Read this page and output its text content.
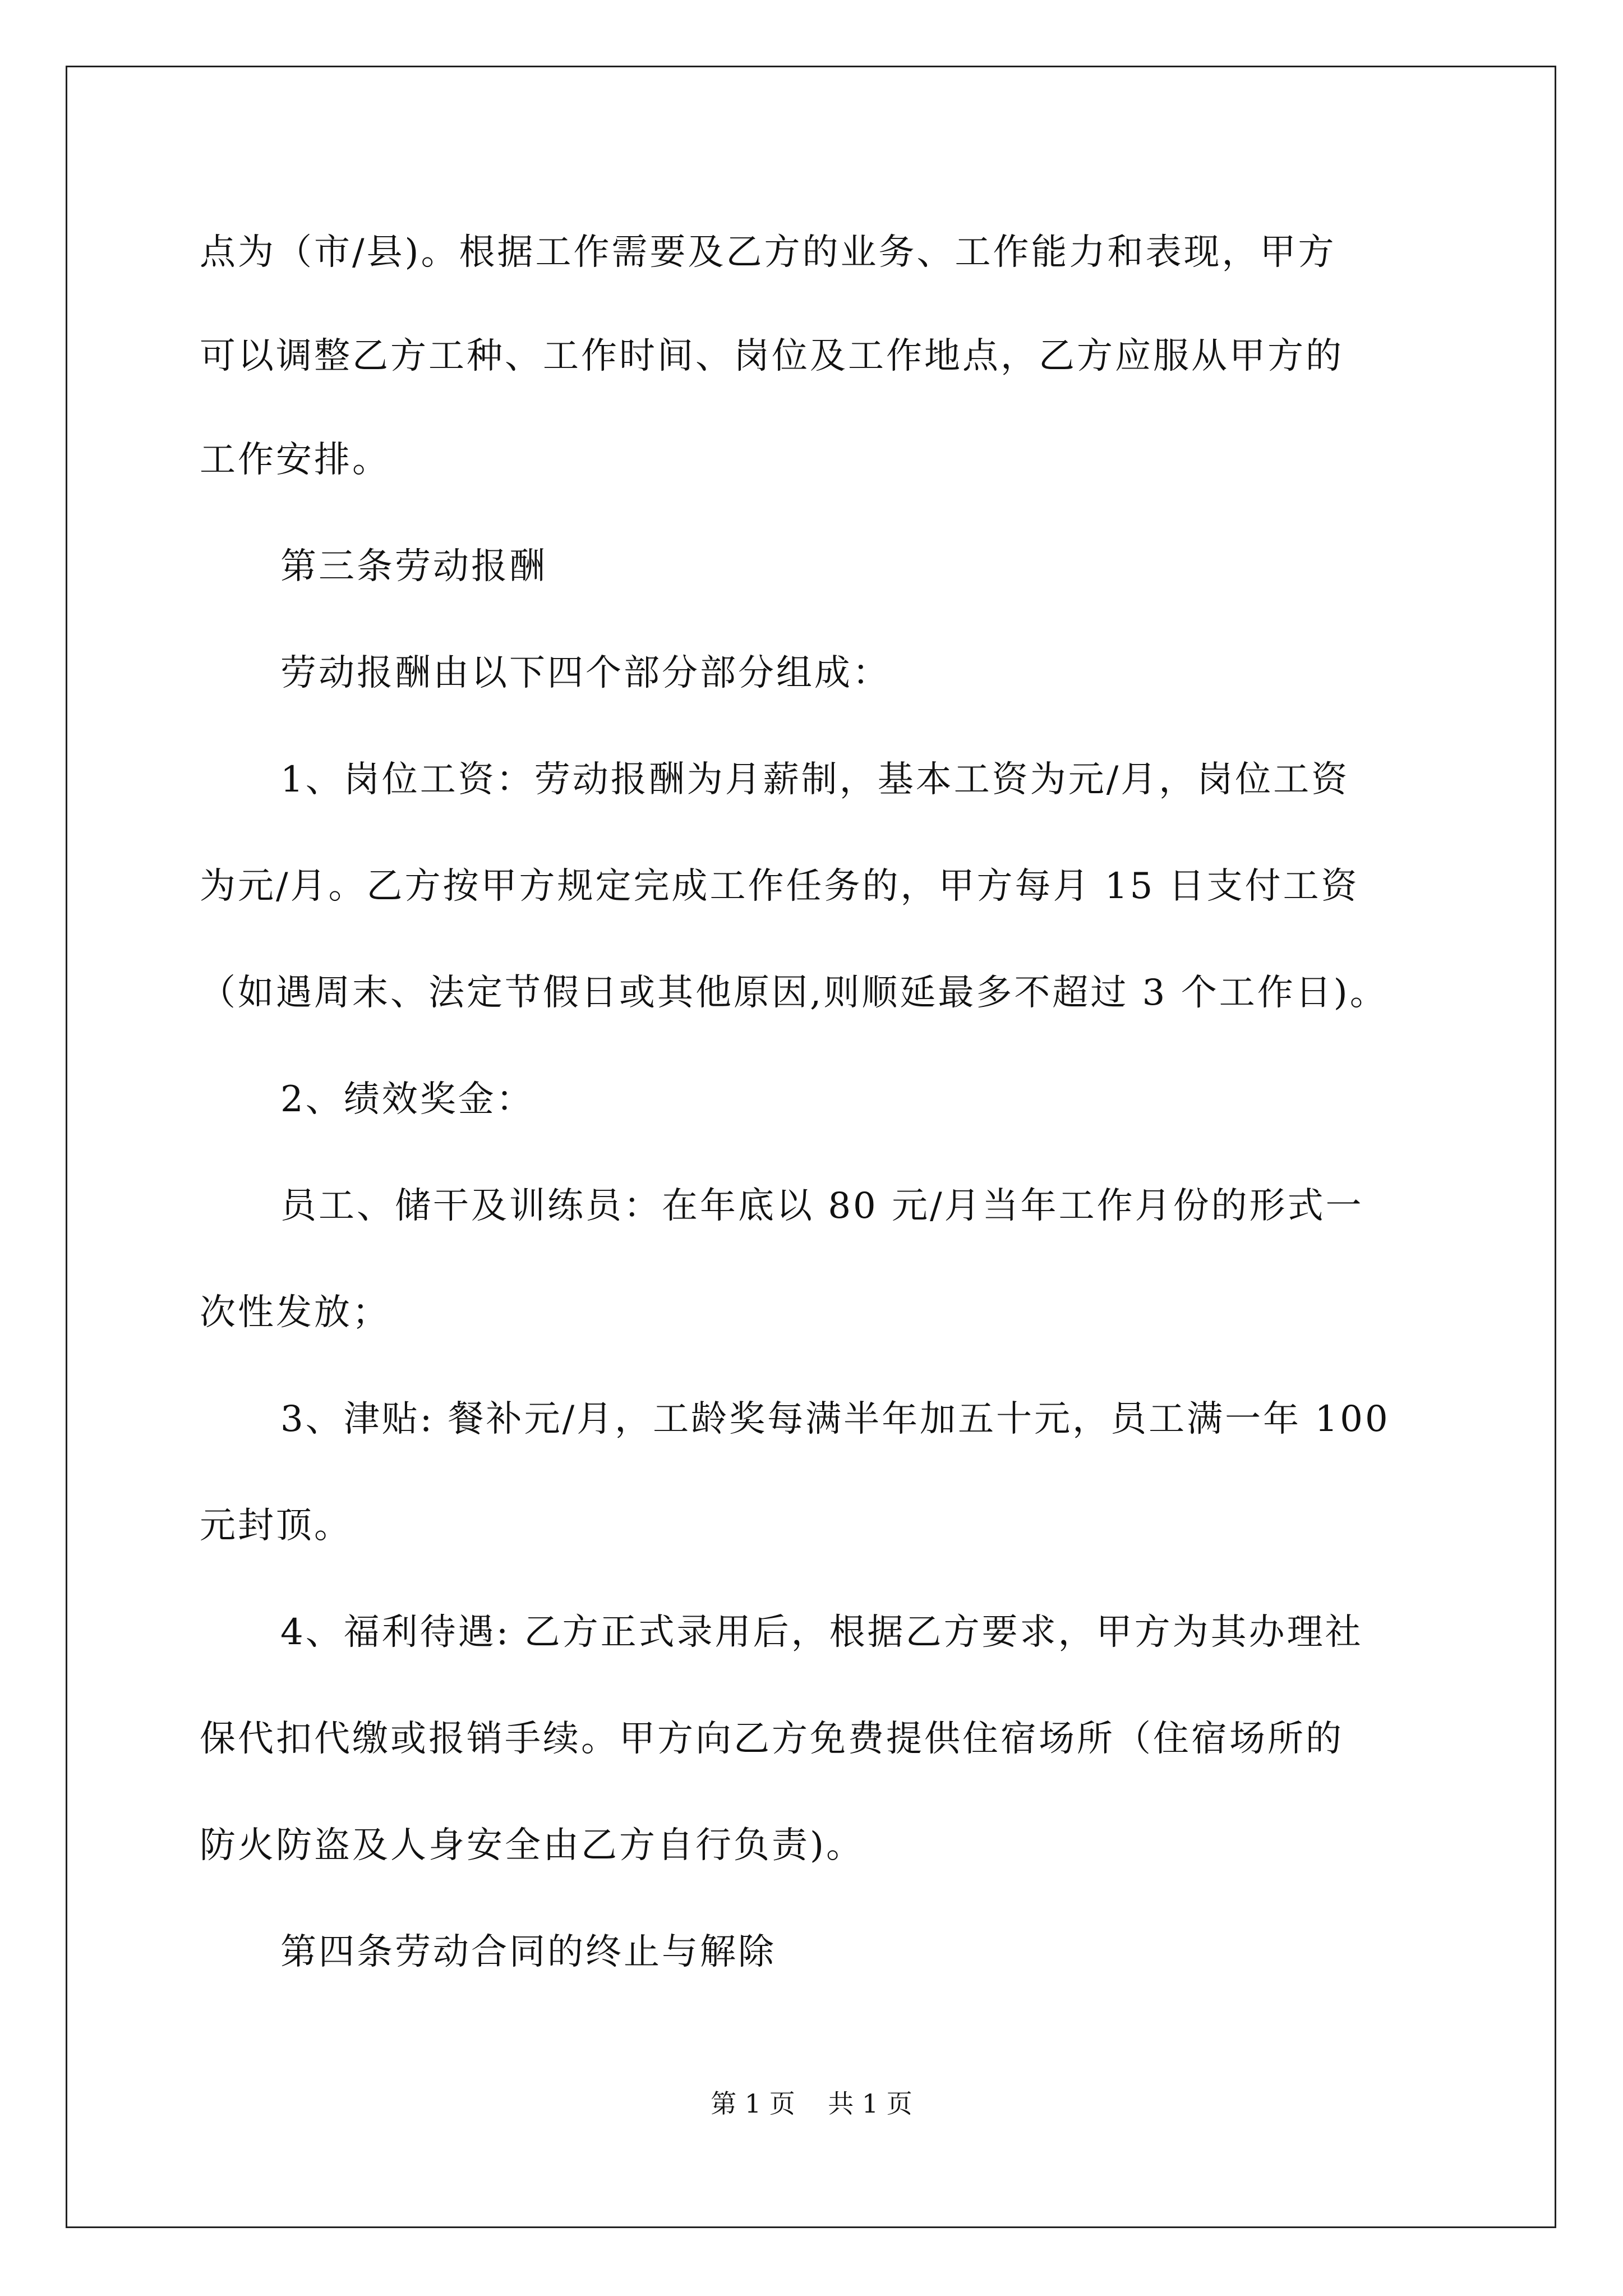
点为（市/县)。根据工作需要及乙方的业务、工作能力和表现，甲方
可以调整乙方工种、工作时间、岗位及工作地点，乙方应服从甲方的
工作安排。
第三条劳动报酬
劳动报酬由以下四个部分部分组成：
1、岗位工资：劳动报酬为月薪制，基本工资为元/月，岗位工资
为元/月。乙方按甲方规定完成工作任务的，甲方每月 15 日支付工资
（如遇周末、法定节假日或其他原因,则顺延最多不超过 3 个工作日)。
2、绩效奖金：
员工、储干及训练员：在年底以 80 元/月当年工作月份的形式一
次性发放；
3、津贴: 餐补元/月，工龄奖每满半年加五十元，员工满一年 100
元封顶。
4、福利待遇: 乙方正式录用后，根据乙方要求，甲方为其办理社
保代扣代缴或报销手续。甲方向乙方免费提供住宿场所（住宿场所的
防火防盗及人身安全由乙方自行负责)。
第四条劳动合同的终止与解除
第 1 页    共 1 页
